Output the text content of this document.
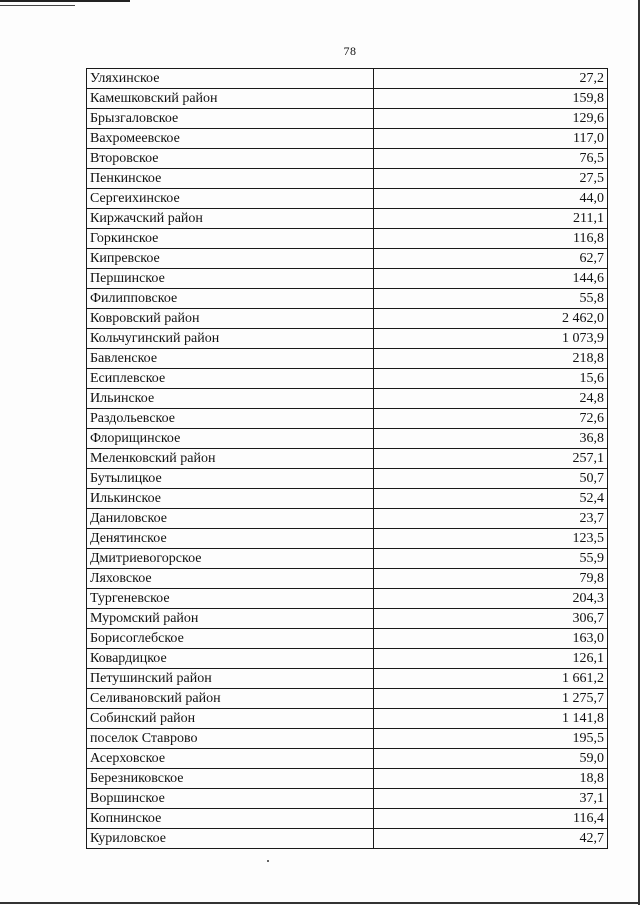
78
Уляхинское	27,2
Камешковский район	159,8
Брызгаловское	129,6
Вахромеевское	117,0
Второвское	76,5
Пенкинское	27,5
Сергеихинское	44,0
Киржачский район	211,1
Горкинское	116,8
Кипревское	62,7
Першинское	144,6
Филипповское	55,8
Ковровский район	2 462,0
Кольчугинский район	1 073,9
Бавленское	218,8
Есиплевское	15,6
Ильинское	24,8
Раздольевское	72,6
Флорищинское	36,8
Меленковский район	257,1
Бутылицкое	50,7
Илькинское	52,4
Даниловское	23,7
Денятинское	123,5
Дмитриевогорское	55,9
Ляховское	79,8
Тургеневское	204,3
Муромский район	306,7
Борисоглебское	163,0
Ковардицкое	126,1
Петушинский район	1 661,2
Селивановский район	1 275,7
Собинский район	1 141,8
поселок Ставрово	195,5
Асерховское	59,0
Березниковское	18,8
Воршинское	37,1
Копнинское	116,4
Куриловское	42,7
